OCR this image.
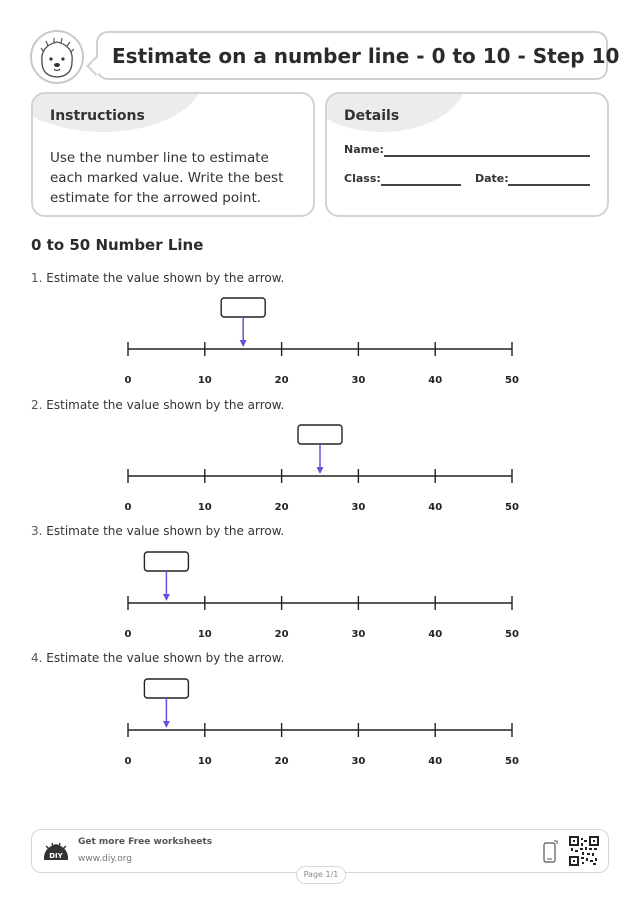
Estimate on a number line - 0 to 10 - Step 10
Instructions
Use the number line to estimate each marked value. Write the best estimate for the arrowed point.
Details
Name:
Class:	Date:
0 to 50 Number Line
1. Estimate the value shown by the arrow.
0	10	20	30	40	50
2. Estimate the value shown by the arrow.
0	10	20	30	40	50
3. Estimate the value shown by the arrow.
0	10	20	30	40	50
4. Estimate the value shown by the arrow.
0	10	20	30	40	50
DIY
Get more Free worksheets
www.diy.org
Page 1/1
